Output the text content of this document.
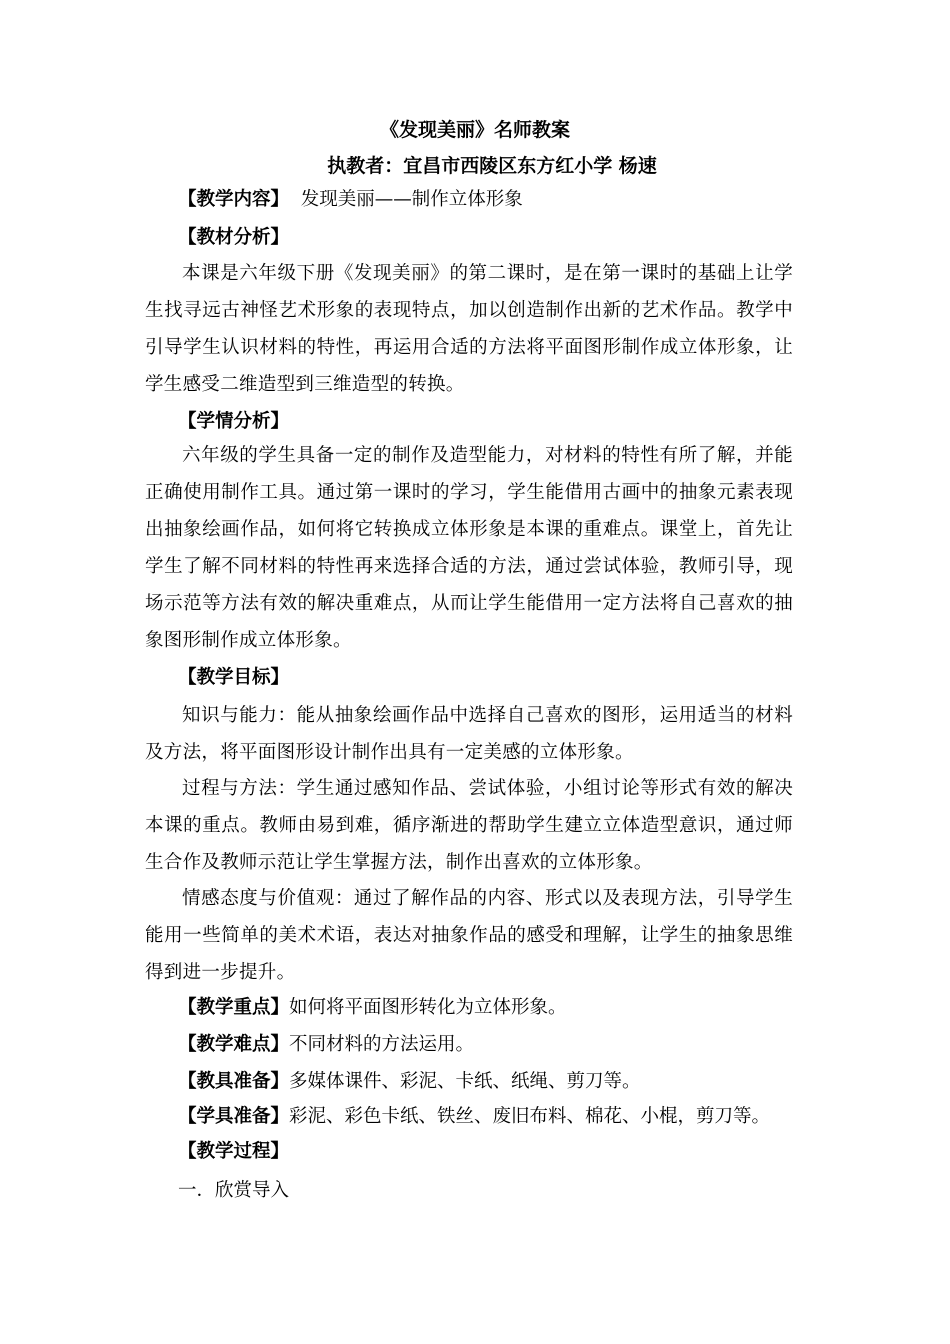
《发现美丽》名师教案
执教者：宜昌市西陵区东方红小学 杨速
【教学内容】 发现美丽——制作立体形象
【教材分析】
本课是六年级下册《发现美丽》的第二课时，是在第一课时的基础上让学生找寻远古神怪艺术形象的表现特点，加以创造制作出新的艺术作品。教学中引导学生认识材料的特性，再运用合适的方法将平面图形制作成立体形象，让学生感受二维造型到三维造型的转换。
【学情分析】
六年级的学生具备一定的制作及造型能力，对材料的特性有所了解，并能正确使用制作工具。通过第一课时的学习，学生能借用古画中的抽象元素表现出抽象绘画作品，如何将它转换成立体形象是本课的重难点。课堂上，首先让学生了解不同材料的特性再来选择合适的方法，通过尝试体验，教师引导，现场示范等方法有效的解决重难点，从而让学生能借用一定方法将自己喜欢的抽象图形制作成立体形象。
【教学目标】
知识与能力：能从抽象绘画作品中选择自己喜欢的图形，运用适当的材料及方法，将平面图形设计制作出具有一定美感的立体形象。
过程与方法：学生通过感知作品、尝试体验，小组讨论等形式有效的解决本课的重点。教师由易到难，循序渐进的帮助学生建立立体造型意识，通过师生合作及教师示范让学生掌握方法，制作出喜欢的立体形象。
情感态度与价值观：通过了解作品的内容、形式以及表现方法，引导学生能用一些简单的美术术语，表达对抽象作品的感受和理解，让学生的抽象思维得到进一步提升。
【教学重点】如何将平面图形转化为立体形象。
【教学难点】不同材料的方法运用。
【教具准备】多媒体课件、彩泥、卡纸、纸绳、剪刀等。
【学具准备】彩泥、彩色卡纸、铁丝、废旧布料、棉花、小棍，剪刀等。
【教学过程】
一．欣赏导入
